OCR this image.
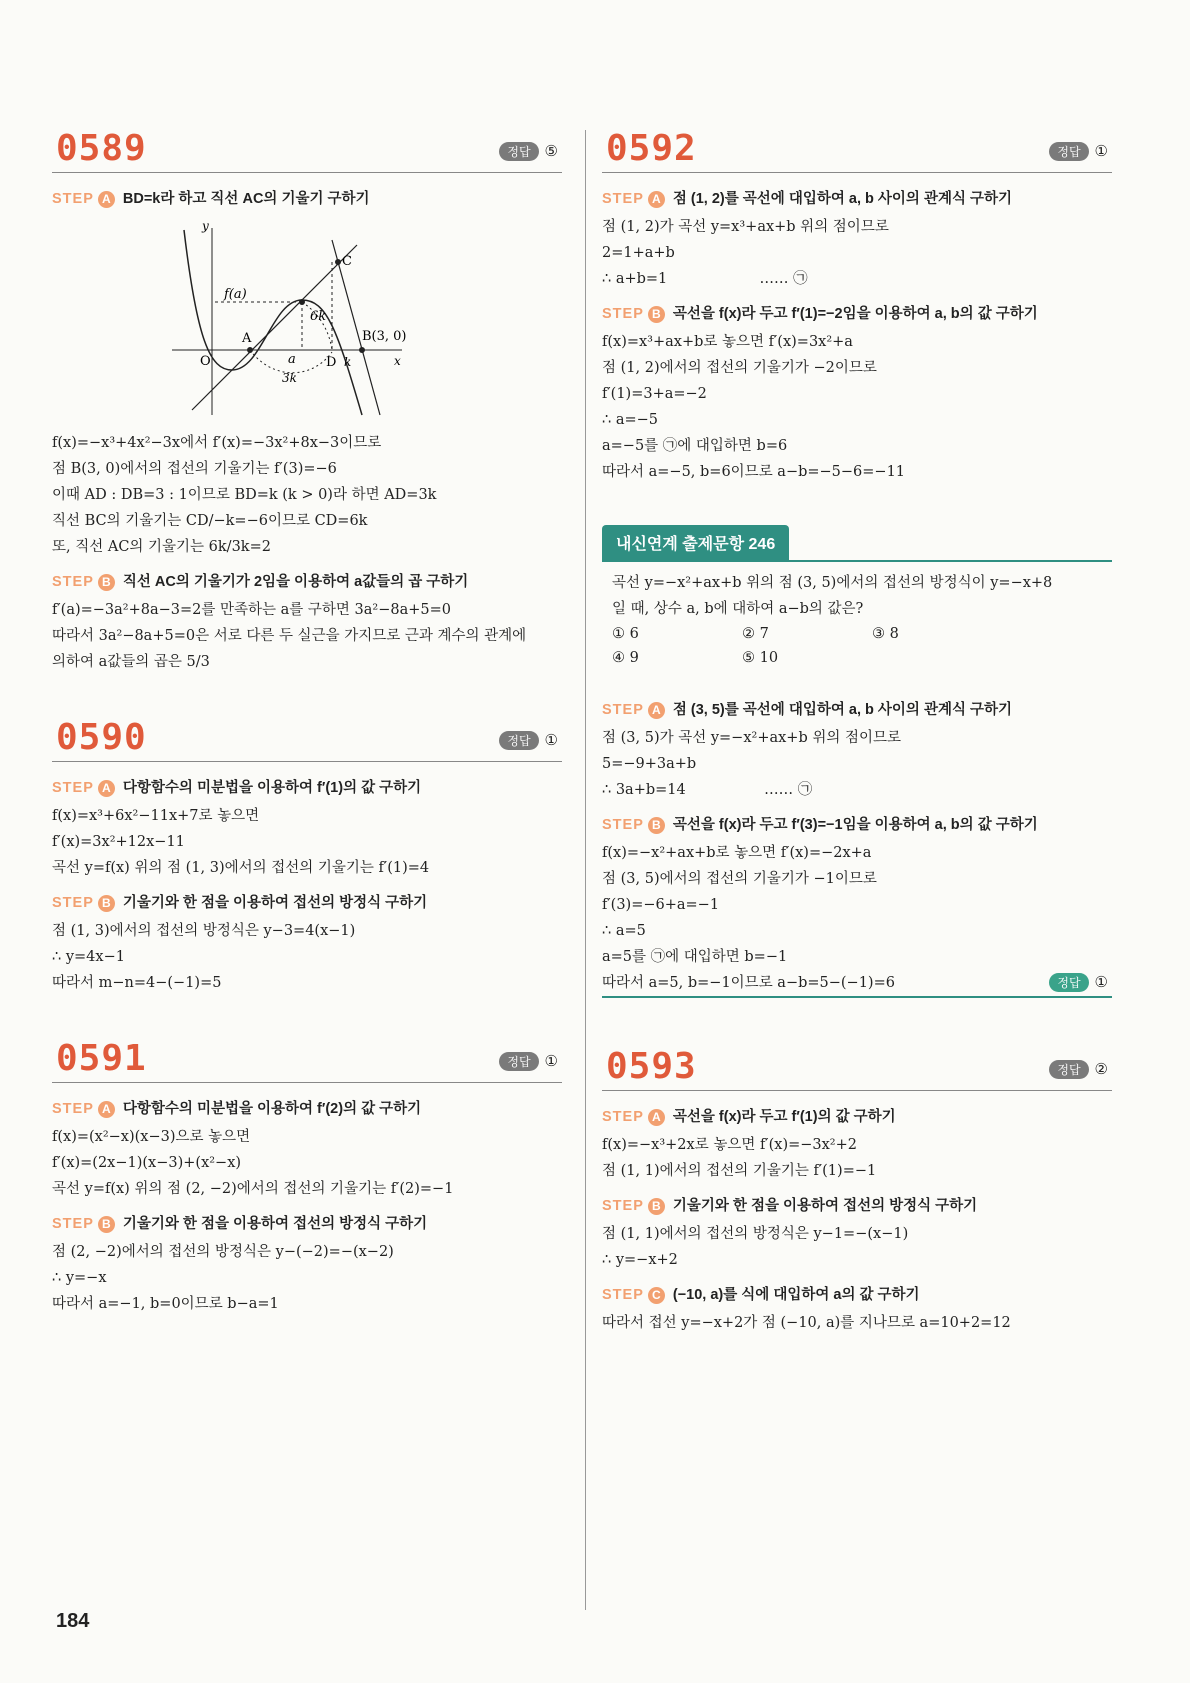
0589	정답 ⑤
STEP A BD=k라 하고 직선 AC의 기울기 구하기
y
x
f(a)
6k
C
A	B(3, 0)
O	a D k
3k
f(x)=−x³+4x²−3x에서 f′(x)=−3x²+8x−3이므로
점 B(3, 0)에서의 접선의 기울기는 f′(3)=−6
이때 AD : DB=3 : 1이므로 BD=k (k > 0)라 하면 AD=3k
직선 BC의 기울기는 CD/−k=−6이므로 CD=6k
또, 직선 AC의 기울기는 6k/3k=2
STEP B 직선 AC의 기울기가 2임을 이용하여 a값들의 곱 구하기
f′(a)=−3a²+8a−3=2를 만족하는 a를 구하면 3a²−8a+5=0
따라서 3a²−8a+5=0은 서로 다른 두 실근을 가지므로 근과 계수의 관계에
의하여 a값들의 곱은 5/3
0590	정답 ①
STEP A 다항함수의 미분법을 이용하여 f′(1)의 값 구하기
f(x)=x³+6x²−11x+7로 놓으면
f′(x)=3x²+12x−11
곡선 y=f(x) 위의 점 (1, 3)에서의 접선의 기울기는 f′(1)=4
STEP B 기울기와 한 점을 이용하여 접선의 방정식 구하기
점 (1, 3)에서의 접선의 방정식은 y−3=4(x−1)
∴ y=4x−1
따라서 m−n=4−(−1)=5
0591	정답 ①
STEP A 다항함수의 미분법을 이용하여 f′(2)의 값 구하기
f(x)=(x²−x)(x−3)으로 놓으면
f′(x)=(2x−1)(x−3)+(x²−x)
곡선 y=f(x) 위의 점 (2, −2)에서의 접선의 기울기는 f′(2)=−1
STEP B 기울기와 한 점을 이용하여 접선의 방정식 구하기
점 (2, −2)에서의 접선의 방정식은 y−(−2)=−(x−2)
∴ y=−x
따라서 a=−1, b=0이므로 b−a=1
0592	정답 ①
STEP A 점 (1, 2)를 곡선에 대입하여 a, b 사이의 관계식 구하기
점 (1, 2)가 곡선 y=x³+ax+b 위의 점이므로
2=1+a+b
∴ a+b=1                    …… ㉠
STEP B 곡선을 f(x)라 두고 f′(1)=−2임을 이용하여 a, b의 값 구하기
f(x)=x³+ax+b로 놓으면 f′(x)=3x²+a
점 (1, 2)에서의 접선의 기울기가 −2이므로
f′(1)=3+a=−2
∴ a=−5
a=−5를 ㉠에 대입하면 b=6
따라서 a=−5, b=6이므로 a−b=−5−6=−11
내신연계 출제문항 246
곡선 y=−x²+ax+b 위의 점 (3, 5)에서의 접선의 방정식이 y=−x+8
일 때, 상수 a, b에 대하여 a−b의 값은?
① 6	② 7	③ 8
④ 9	⑤ 10
STEP A 점 (3, 5)를 곡선에 대입하여 a, b 사이의 관계식 구하기
점 (3, 5)가 곡선 y=−x²+ax+b 위의 점이므로
5=−9+3a+b
∴ 3a+b=14                 …… ㉠
STEP B 곡선을 f(x)라 두고 f′(3)=−1임을 이용하여 a, b의 값 구하기
f(x)=−x²+ax+b로 놓으면 f′(x)=−2x+a
점 (3, 5)에서의 접선의 기울기가 −1이므로
f′(3)=−6+a=−1
∴ a=5
a=5를 ㉠에 대입하면 b=−1
따라서 a=5, b=−1이므로 a−b=5−(−1)=6	정답 ①
0593	정답 ②
STEP A 곡선을 f(x)라 두고 f′(1)의 값 구하기
f(x)=−x³+2x로 놓으면 f′(x)=−3x²+2
점 (1, 1)에서의 접선의 기울기는 f′(1)=−1
STEP B 기울기와 한 점을 이용하여 접선의 방정식 구하기
점 (1, 1)에서의 접선의 방정식은 y−1=−(x−1)
∴ y=−x+2
STEP C (−10, a)를 식에 대입하여 a의 값 구하기
따라서 접선 y=−x+2가 점 (−10, a)를 지나므로 a=10+2=12
184
